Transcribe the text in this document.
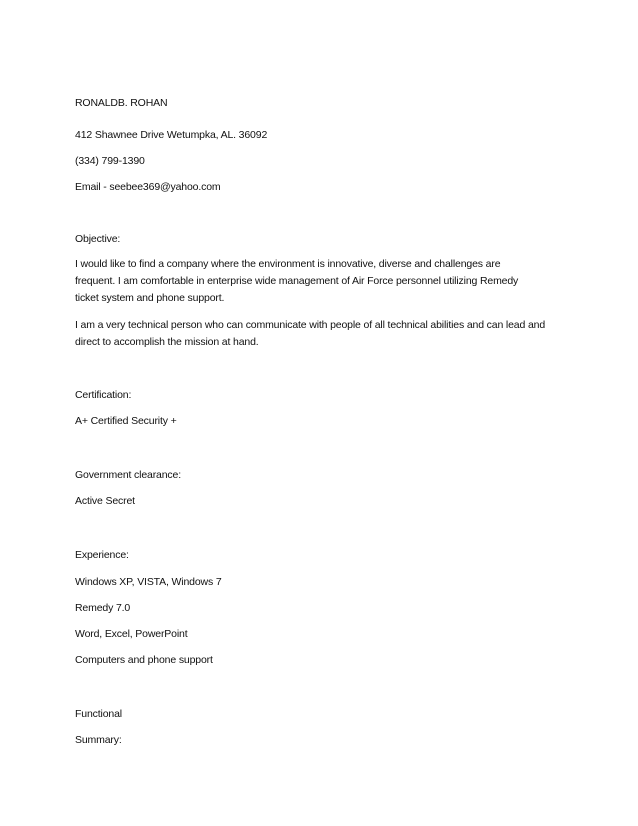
RONALDB. ROHAN
412 Shawnee Drive Wetumpka, AL. 36092
(334) 799-1390
Email - seebee369@yahoo.com
Objective:
I would like to find a company where the environment is innovative, diverse and challenges are
frequent. I am comfortable in enterprise wide management of Air Force personnel utilizing Remedy
ticket system and phone support.
I am a very technical person who can communicate with people of all technical abilities and can lead and
direct to accomplish the mission at hand.
Certification:
A+ Certified Security +
Government clearance:
Active Secret
Experience:
Windows XP, VISTA, Windows 7
Remedy 7.0
Word, Excel, PowerPoint
Computers and phone support
Functional
Summary:
